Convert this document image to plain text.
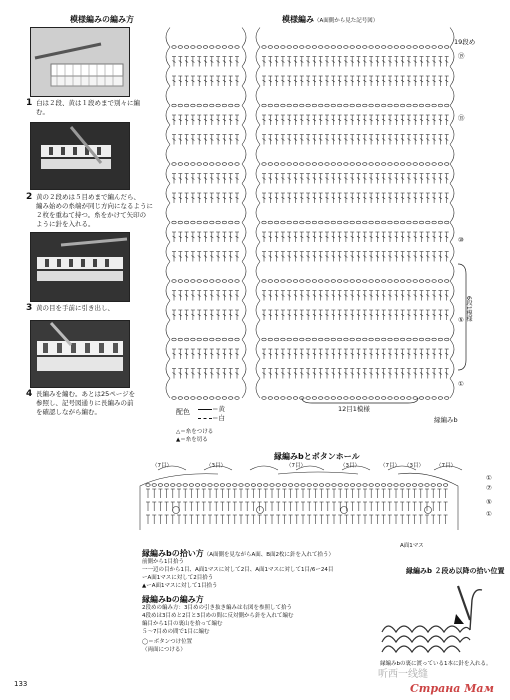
模様編みの編み方
1 白は２段、黄は１段めまで別々に編
む。
2 黄の２段めは５目めまで編んだら、
編み始めの糸端が同じ方向になるように
２枚を重ねて持つ。糸をかけて矢印の
ように針を入れる。
3 黄の目を手前に引き出し、
4 長編みを編む。あとは25ページを
参照し、記号図通りに長編みの前
を確認しながら編む。
模様編み（A面側から見た記号図）
19段め
⑲
⑮
⑩
⑤
①
6段1模様
12目1模様
縁編みb
配色	＝黄
＝白
△＝糸をつける
▲＝糸を切る
縁編みbとボタンホール
（7目）	（3目）	（7目）	（3目）	（7目） （3目） （7目）
①
⑦
⑤
①
A面1マス
縁編みbの拾い方（A面側を見ながらA面、B面2枚に針を入れて拾う）
前側から1目拾う
一一辺の目から1目、A面1マスに対して2目、A面1マスに対して1目/6ー24目
ーA面1マスに対して2目拾う
▲ーA面1マスに対して1目拾う
縁編みbの編み方
2段めの編み方：3目めの引き抜き編みは右図を参照して拾う
4段めは3目めと2目と3目めの間に反対側から針を入れて編む
編目から1目の裏山を拾って編む
５〜7目めの間で1目に編む
◯＝ボタンつけ位置
（両面につける）
縁編みb ２段め以降の拾い位置
縁編みbの裏に渡っている1本に針を入れる。
133
听西一线缝
Страна Мам
